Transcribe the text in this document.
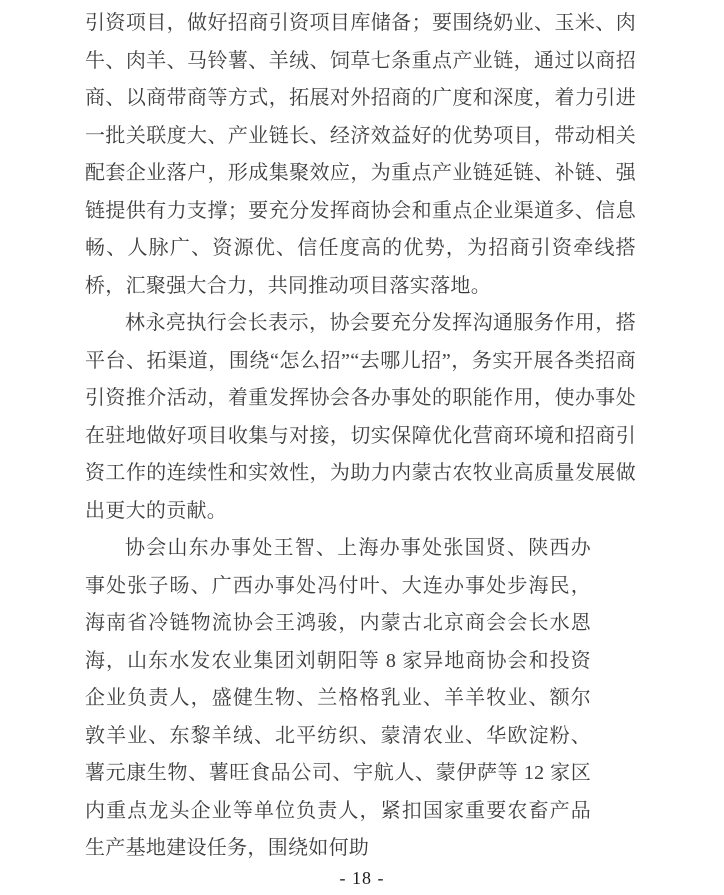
引资项目，做好招商引资项目库储备；要围绕奶业、玉米、肉牛、肉羊、马铃薯、羊绒、饲草七条重点产业链，通过以商招商、以商带商等方式，拓展对外招商的广度和深度，着力引进一批关联度大、产业链长、经济效益好的优势项目，带动相关配套企业落户，形成集聚效应，为重点产业链延链、补链、强链提供有力支撑；要充分发挥商协会和重点企业渠道多、信息畅、人脉广、资源优、信任度高的优势，为招商引资牵线搭桥，汇聚强大合力，共同推动项目落实落地。

林永亮执行会长表示，协会要充分发挥沟通服务作用，搭平台、拓渠道，围绕“怎么招”“去哪儿招”，务实开展各类招商引资推介活动，着重发挥协会各办事处的职能作用，使办事处在驻地做好项目收集与对接，切实保障优化营商环境和招商引资工作的连续性和实效性，为助力内蒙古农牧业高质量发展做出更大的贡献。

协会山东办事处王智、上海办事处张国贤、陕西办事处张子旸、广西办事处冯付叶、大连办事处步海民，海南省冷链物流协会王鸿骏，内蒙古北京商会会长水恩海，山东水发农业集团刘朝阳等 8 家异地商协会和投资企业负责人，盛健生物、兰格格乳业、羊羊牧业、额尔敦羊业、东黎羊绒、北平纺织、蒙清农业、华欧淀粉、薯元康生物、薯旺食品公司、宇航人、蒙伊萨等 12 家区内重点龙头企业等单位负责人，紧扣国家重要农畜产品生产基地建设任务，围绕如何助

- 18 -
